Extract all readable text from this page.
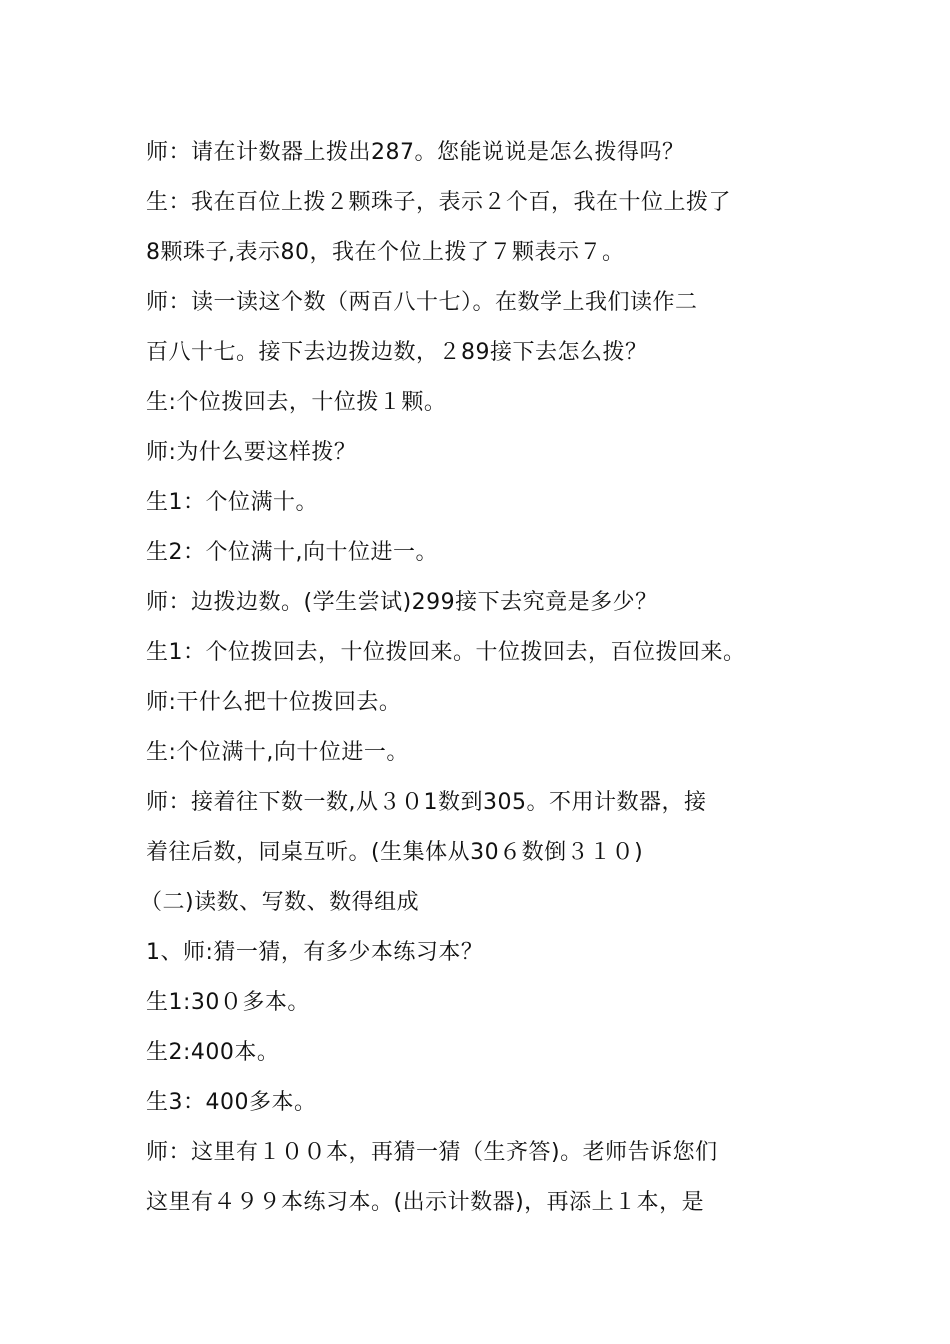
师：请在计数器上拨出287。您能说说是怎么拨得吗？
生：我在百位上拨２颗珠子，表示２个百，我在十位上拨了
8颗珠子,表示80，我在个位上拨了７颗表示７。
师：读一读这个数（两百八十七）。在数学上我们读作二
百八十七。接下去边拨边数，２89接下去怎么拨？
生:个位拨回去，十位拨１颗。
师:为什么要这样拨？
生1：个位满十。
生2：个位满十,向十位进一。
师：边拨边数。(学生尝试)299接下去究竟是多少？
生1：个位拨回去，十位拨回来。十位拨回去，百位拨回来。
师:干什么把十位拨回去。
生:个位满十,向十位进一。
师：接着往下数一数,从３０1数到305。不用计数器，接
着往后数，同桌互听。(生集体从30６数倒３１０)
（二)读数、写数、数得组成
1、师:猜一猜，有多少本练习本？
生1:30０多本。
生2:400本。
生3：400多本。
师：这里有１００本，再猜一猜（生齐答)。老师告诉您们
这里有４９９本练习本。(出示计数器)，再添上１本，是
